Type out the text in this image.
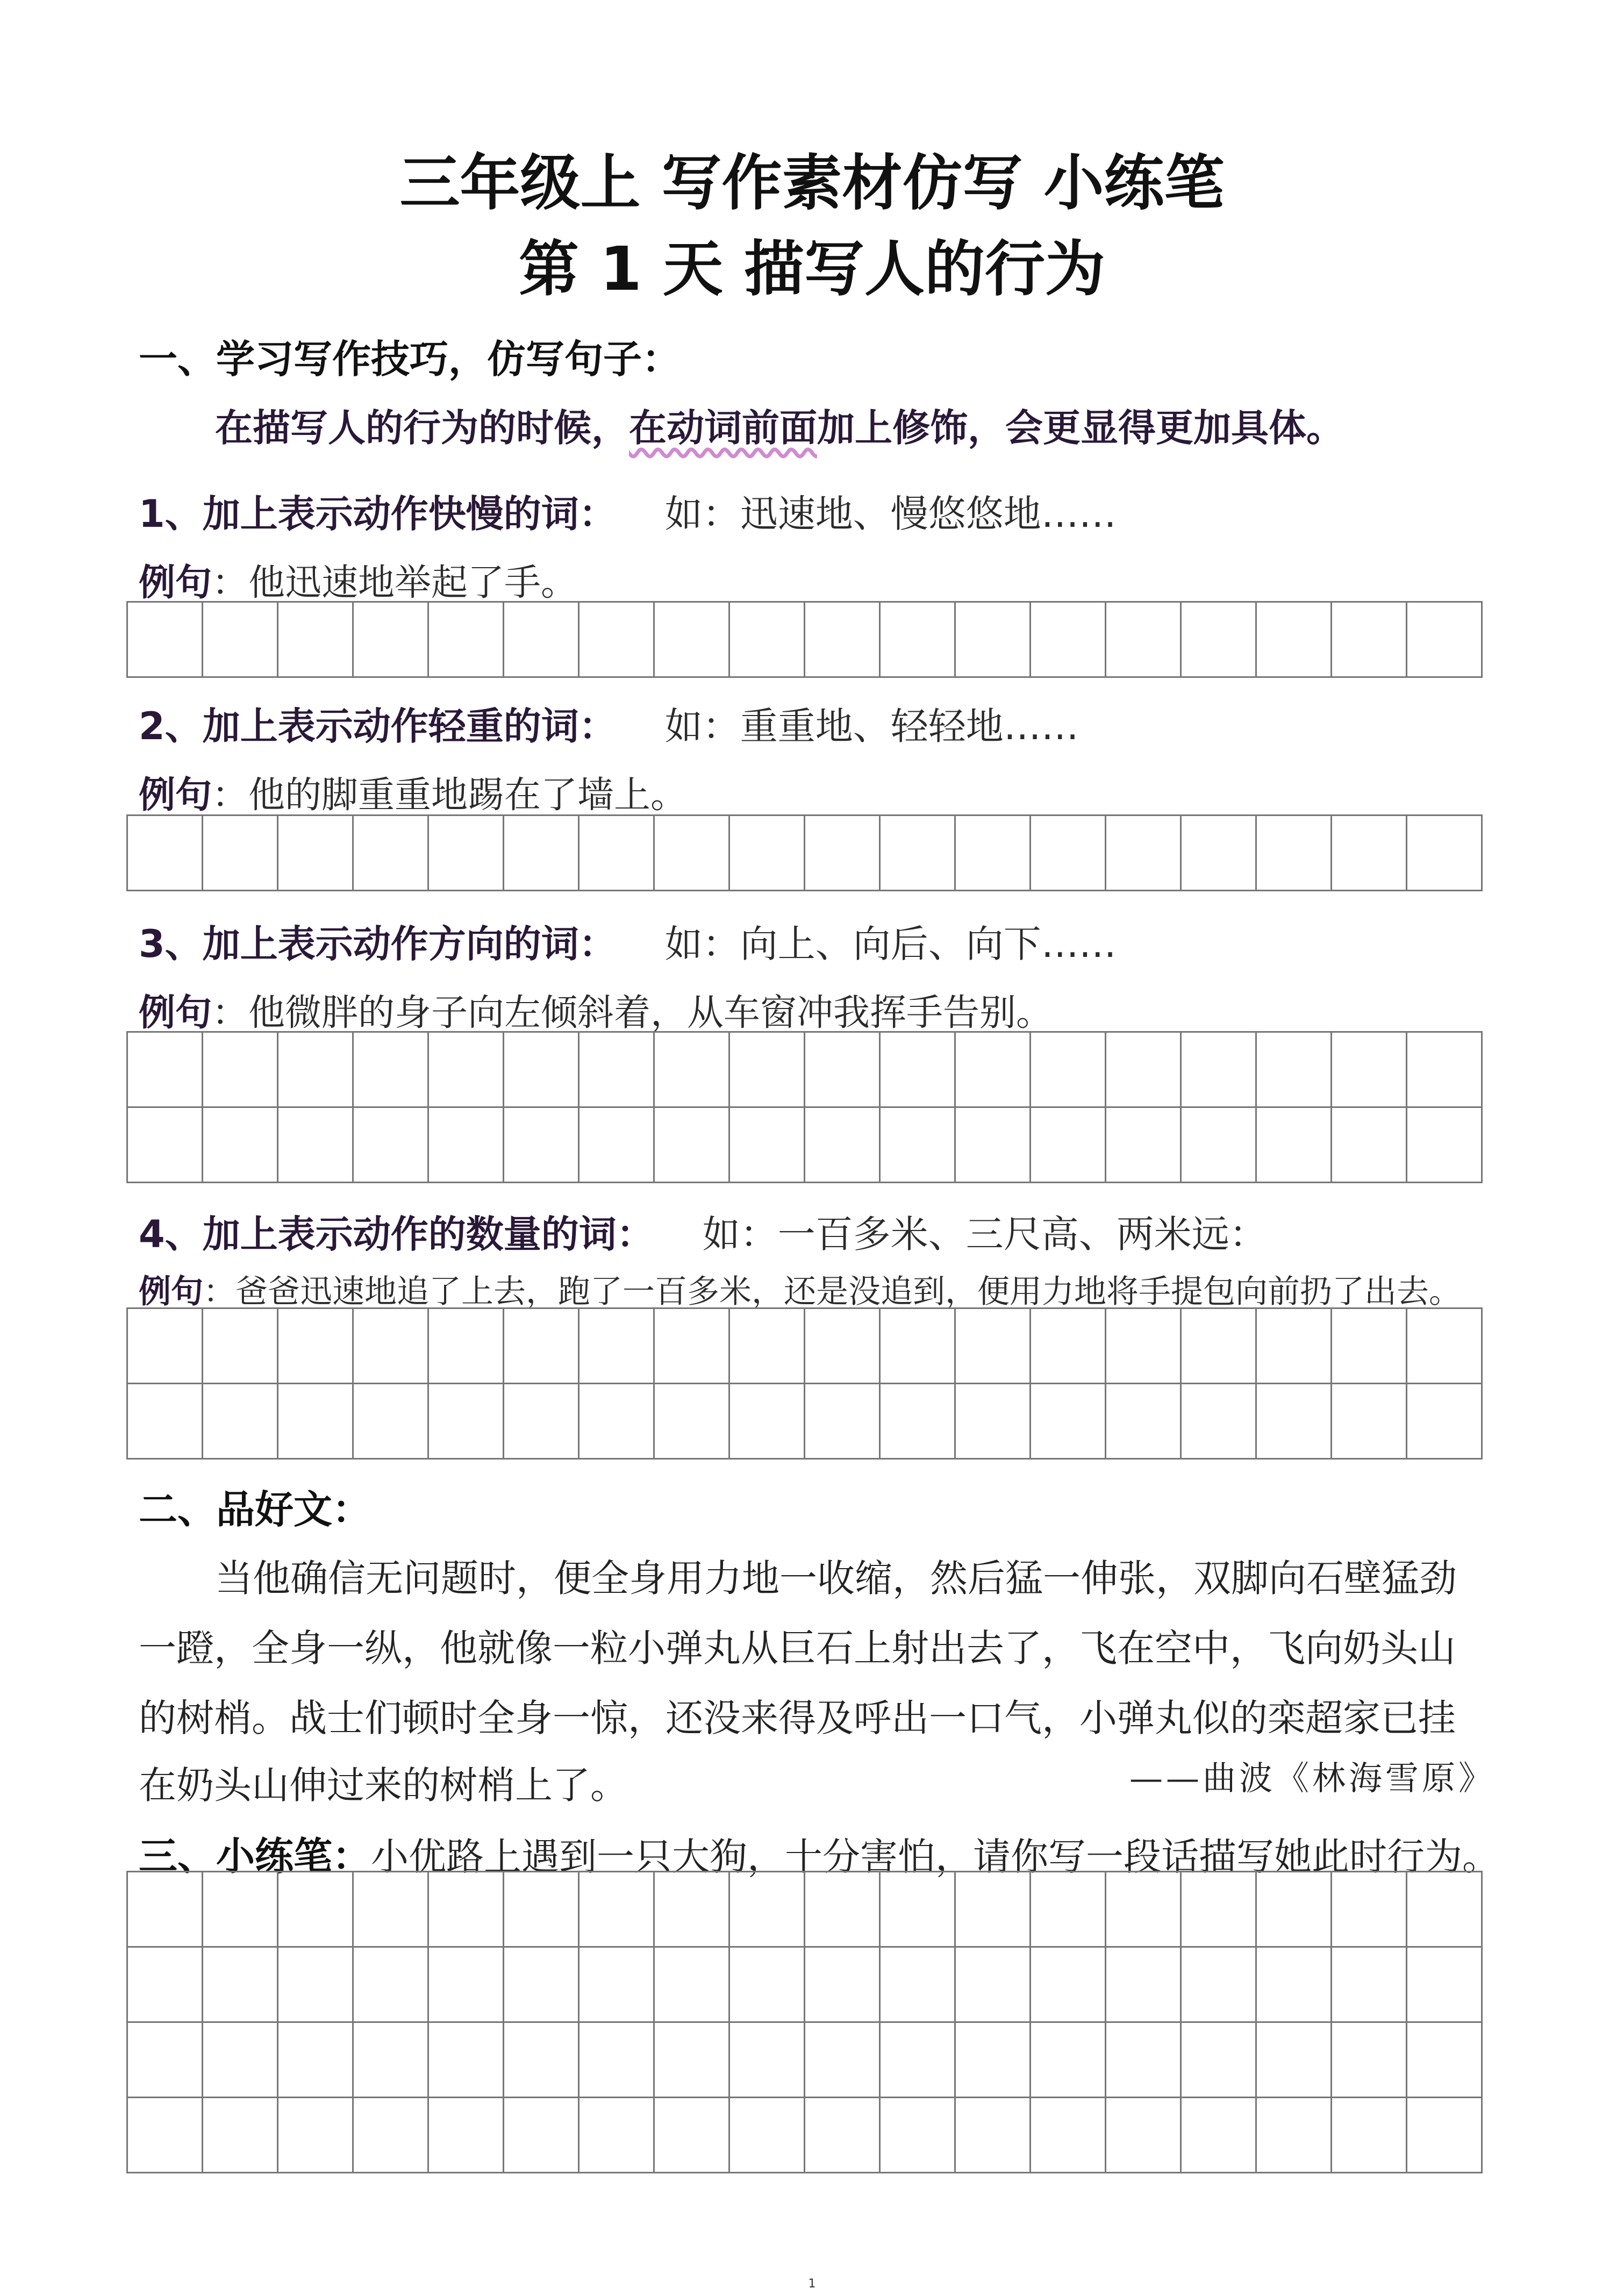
三年级上 写作素材仿写 小练笔
第 1 天 描写人的行为

一、学习写作技巧，仿写句子：

在描写人的行为的时候，在动词前面加上修饰，会更显得更加具体。

1、加上表示动作快慢的词： 如：迅速地、慢悠悠地……

例句：他迅速地举起了手。

2、加上表示动作轻重的词： 如：重重地、轻轻地……

例句：他的脚重重地踢在了墙上。

3、加上表示动作方向的词： 如：向上、向后、向下……

例句：他微胖的身子向左倾斜着，从车窗冲我挥手告别。

4、加上表示动作的数量的词： 如：一百多米、三尺高、两米远：

例句：爸爸迅速地追了上去，跑了一百多米，还是没追到，便用力地将手提包向前扔了出去。

二、品好文：

当他确信无问题时，便全身用力地一收缩，然后猛一伸张，双脚向石壁猛劲

一蹬，全身一纵，他就像一粒小弹丸从巨石上射出去了，飞在空中，飞向奶头山

的树梢。战士们顿时全身一惊，还没来得及呼出一口气，小弹丸似的栾超家已挂

在奶头山伸过来的树梢上了。	——曲波《林海雪原》

三、小练笔：小优路上遇到一只大狗，十分害怕，请你写一段话描写她此时行为。

1
